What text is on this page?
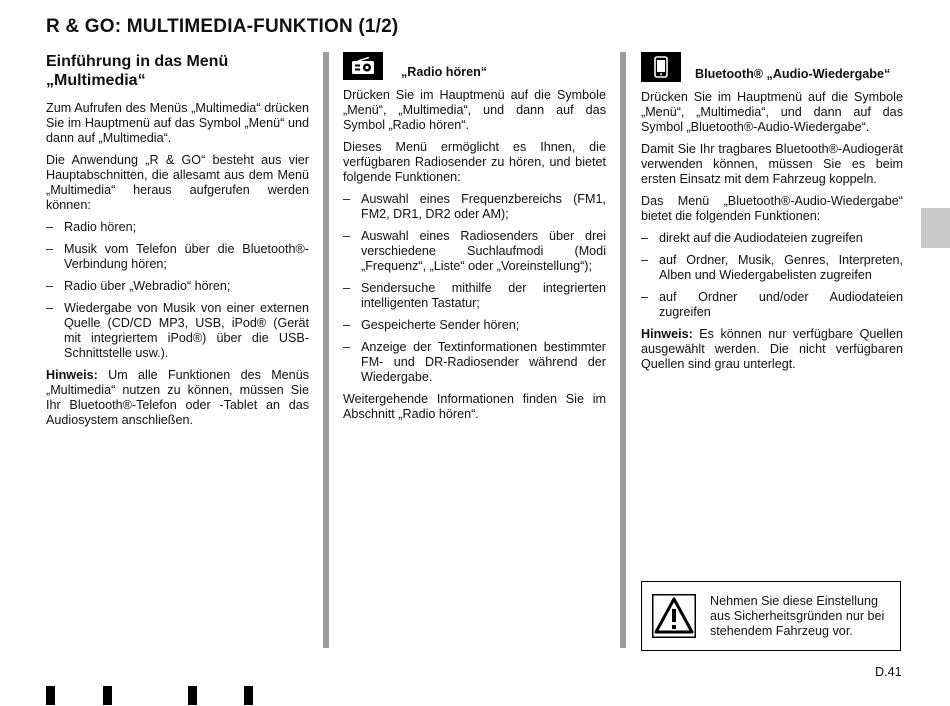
R & GO: MULTIMEDIA-FUNKTION (1/2)
Einführung in das Menü
„Multimedia“

Zum Aufrufen des Menüs „Multimedia“ drücken Sie im Hauptmenü auf das Symbol „Menü“ und dann auf „Multimedia“.

Die Anwendung „R & GO“ besteht aus vier Hauptabschnitten, die allesamt aus dem Menü „Multimedia“ heraus aufgerufen werden können:

– Radio hören;
– Musik vom Telefon über die Bluetooth®-Verbindung hören;
– Radio über „Webradio“ hören;
– Wiedergabe von Musik von einer externen Quelle (CD/CD MP3, USB, iPod® (Gerät mit integriertem iPod®) über die USB-Schnittstelle usw.).

Hinweis: Um alle Funktionen des Menüs „Multimedia“ nutzen zu können, müssen Sie Ihr Bluetooth®-Telefon oder -Tablet an das Audiosystem anschließen.

„Radio hören“

Drücken Sie im Hauptmenü auf die Symbole „Menü“, „Multimedia“, und dann auf das Symbol „Radio hören“.

Dieses Menü ermöglicht es Ihnen, die verfügbaren Radiosender zu hören, und bietet folgende Funktionen:

– Auswahl eines Frequenzbereichs (FM1, FM2, DR1, DR2 oder AM);
– Auswahl eines Radiosenders über drei verschiedene Suchlaufmodi (Modi „Frequenz“, „Liste“ oder „Voreinstellung“);
– Sendersuche mithilfe der integrierten intelligenten Tastatur;
– Gespeicherte Sender hören;
– Anzeige der Textinformationen bestimmter FM- und DR-Radiosender während der Wiedergabe.

Weitergehende Informationen finden Sie im Abschnitt „Radio hören“.

Bluetooth® „Audio-Wiedergabe“

Drücken Sie im Hauptmenü auf die Symbole „Menü“, „Multimedia“, und dann auf das Symbol „Bluetooth®-Audio-Wiedergabe“.

Damit Sie Ihr tragbares Bluetooth®-Audiogerät verwenden können, müssen Sie es beim ersten Einsatz mit dem Fahrzeug koppeln.

Das Menü „Bluetooth®-Audio-Wiedergabe“ bietet die folgenden Funktionen:

– direkt auf die Audiodateien zugreifen
– auf Ordner, Musik, Genres, Interpreten, Alben und Wiedergabelisten zugreifen
– auf Ordner und/oder Audiodateien zugreifen

Hinweis: Es können nur verfügbare Quellen ausgewählt werden. Die nicht verfügbaren Quellen sind grau unterlegt.

Nehmen Sie diese Einstellung aus Sicherheitsgründen nur bei stehendem Fahrzeug vor.
D.41
